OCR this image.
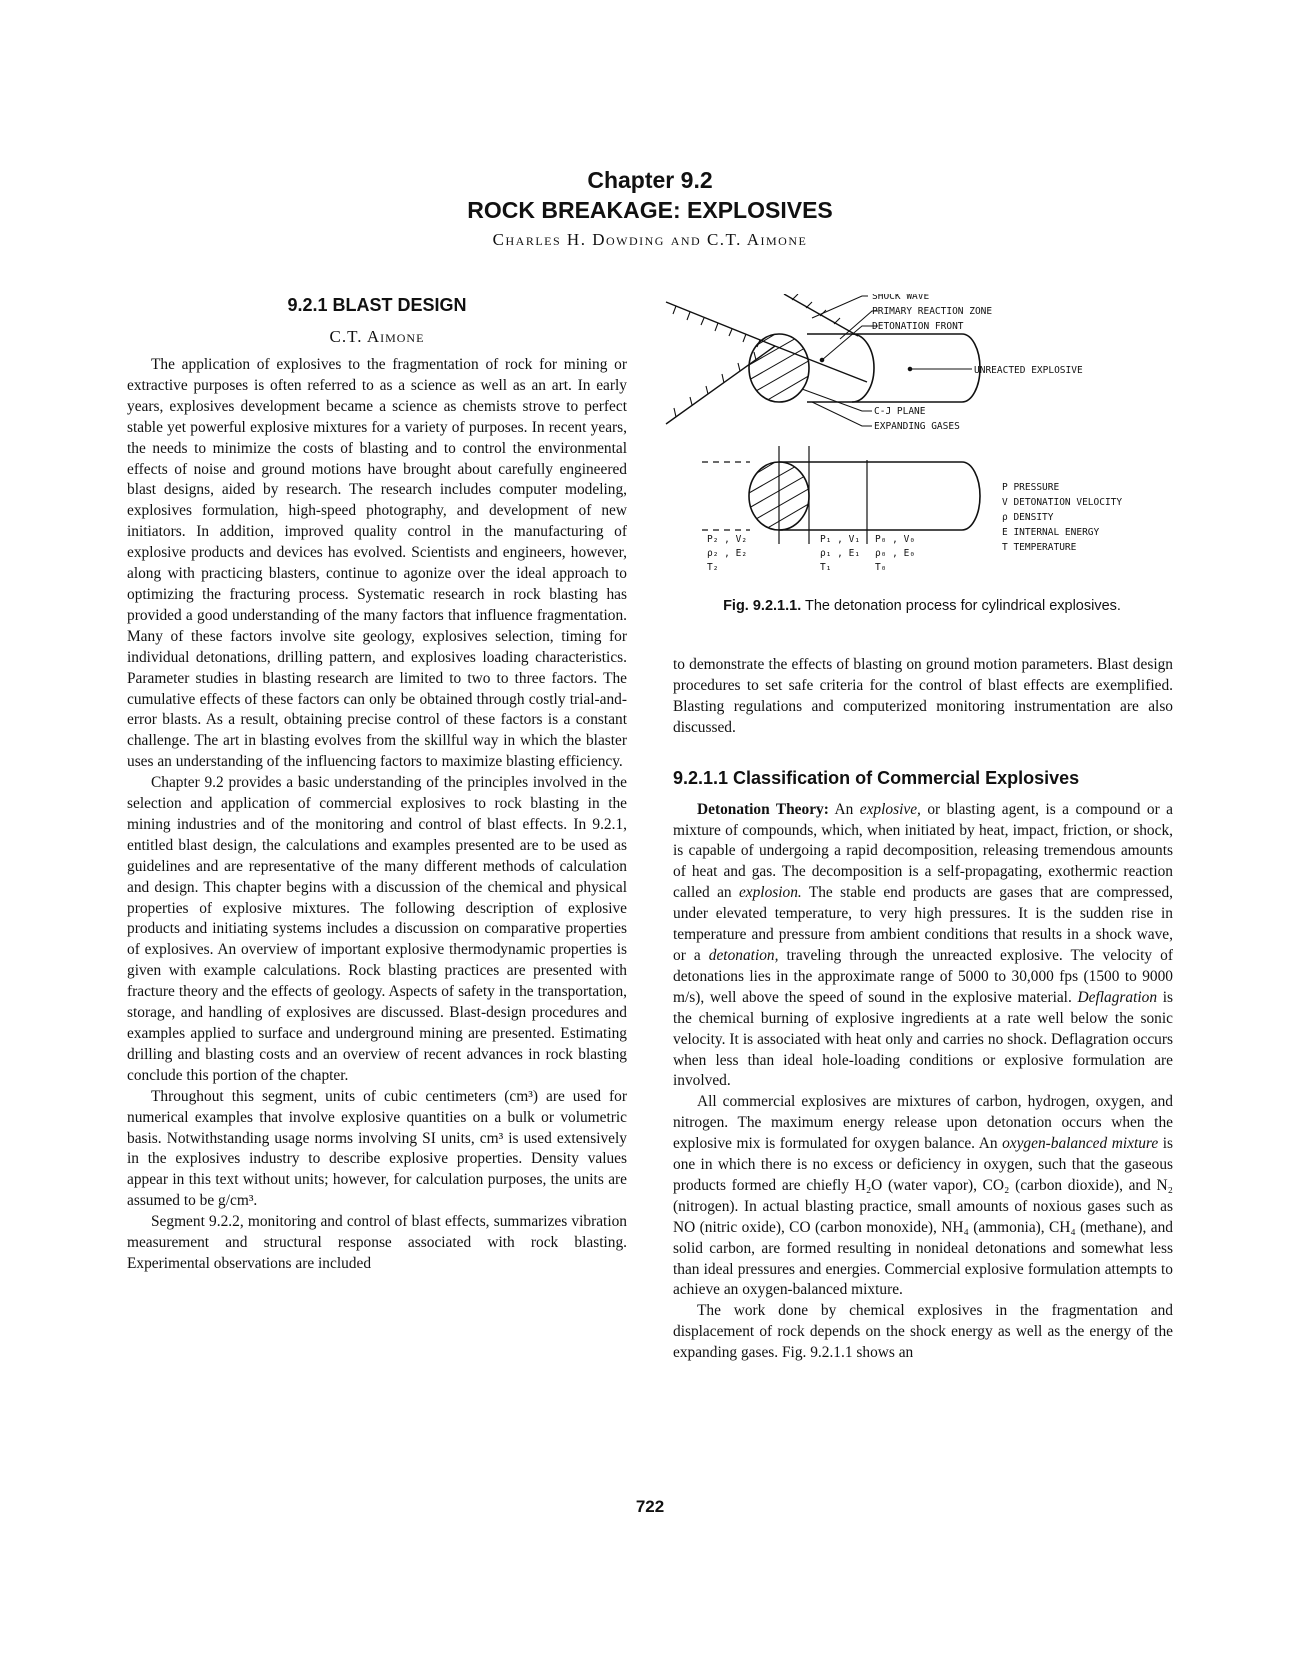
Chapter 9.2
ROCK BREAKAGE: EXPLOSIVES
Charles H. Dowding and C.T. Aimone
9.2.1 BLAST DESIGN
C.T. Aimone

The application of explosives to the fragmentation of rock for mining or extractive purposes is often referred to as a science as well as an art. In early years, explosives development became a science as chemists strove to perfect stable yet powerful explosive mixtures for a variety of purposes. In recent years, the needs to minimize the costs of blasting and to control the environmental effects of noise and ground motions have brought about carefully engineered blast designs, aided by research. The research includes computer modeling, explosives formulation, high-speed photography, and development of new initiators. In addition, improved quality control in the manufacturing of explosive products and devices has evolved. Scientists and engineers, however, along with practicing blasters, continue to agonize over the ideal approach to optimizing the fracturing process. Systematic research in rock blasting has provided a good understanding of the many factors that influence fragmentation. Many of these factors involve site geology, explosives selection, timing for individual detonations, drilling pattern, and explosives loading characteristics. Parameter studies in blasting research are limited to two to three factors. The cumulative effects of these factors can only be obtained through costly trial-and-error blasts. As a result, obtaining precise control of these factors is a constant challenge. The art in blasting evolves from the skillful way in which the blaster uses an understanding of the influencing factors to maximize blasting efficiency.

Chapter 9.2 provides a basic understanding of the principles involved in the selection and application of commercial explosives to rock blasting in the mining industries and of the monitoring and control of blast effects. In 9.2.1, entitled blast design, the calculations and examples presented are to be used as guidelines and are representative of the many different methods of calculation and design. This chapter begins with a discussion of the chemical and physical properties of explosive mixtures. The following description of explosive products and initiating systems includes a discussion on comparative properties of explosives. An overview of important explosive thermodynamic properties is given with example calculations. Rock blasting practices are presented with fracture theory and the effects of geology. Aspects of safety in the transportation, storage, and handling of explosives are discussed. Blast-design procedures and examples applied to surface and underground mining are presented. Estimating drilling and blasting costs and an overview of recent advances in rock blasting conclude this portion of the chapter.

Throughout this segment, units of cubic centimeters (cm³) are used for numerical examples that involve explosive quantities on a bulk or volumetric basis. Notwithstanding usage norms involving SI units, cm³ is used extensively in the explosives industry to describe explosive properties. Density values appear in this text without units; however, for calculation purposes, the units are assumed to be g/cm³.

Segment 9.2.2, monitoring and control of blast effects, summarizes vibration measurement and structural response associated with rock blasting. Experimental observations are included

SHOCK WAVE
PRIMARY REACTION ZONE
DETONATION FRONT
UNREACTED EXPLOSIVE
C-J PLANE
EXPANDING GASES
P₂ , V₂
ρ₂ , E₂
T₂
P₁ , V₁
ρ₁ , E₁
T₁
P₀ , V₀
ρ₀ , E₀
T₀
P PRESSURE
V DETONATION VELOCITY
ρ DENSITY
E INTERNAL ENERGY
T TEMPERATURE
Fig. 9.2.1.1. The detonation process for cylindrical explosives.

to demonstrate the effects of blasting on ground motion parameters. Blast design procedures to set safe criteria for the control of blast effects are exemplified. Blasting regulations and computerized monitoring instrumentation are also discussed.

9.2.1.1 Classification of Commercial Explosives

Detonation Theory: An explosive, or blasting agent, is a compound or a mixture of compounds, which, when initiated by heat, impact, friction, or shock, is capable of undergoing a rapid decomposition, releasing tremendous amounts of heat and gas. The decomposition is a self-propagating, exothermic reaction called an explosion. The stable end products are gases that are compressed, under elevated temperature, to very high pressures. It is the sudden rise in temperature and pressure from ambient conditions that results in a shock wave, or a detonation, traveling through the unreacted explosive. The velocity of detonations lies in the approximate range of 5000 to 30,000 fps (1500 to 9000 m/s), well above the speed of sound in the explosive material. Deflagration is the chemical burning of explosive ingredients at a rate well below the sonic velocity. It is associated with heat only and carries no shock. Deflagration occurs when less than ideal hole-loading conditions or explosive formulation are involved.

All commercial explosives are mixtures of carbon, hydrogen, oxygen, and nitrogen. The maximum energy release upon detonation occurs when the explosive mix is formulated for oxygen balance. An oxygen-balanced mixture is one in which there is no excess or deficiency in oxygen, such that the gaseous products formed are chiefly H₂O (water vapor), CO₂ (carbon dioxide), and N₂ (nitrogen). In actual blasting practice, small amounts of noxious gases such as NO (nitric oxide), CO (carbon monoxide), NH₄ (ammonia), CH₄ (methane), and solid carbon, are formed resulting in nonideal detonations and somewhat less than ideal pressures and energies. Commercial explosive formulation attempts to achieve an oxygen-balanced mixture.

The work done by chemical explosives in the fragmentation and displacement of rock depends on the shock energy as well as the energy of the expanding gases. Fig. 9.2.1.1 shows an

722
